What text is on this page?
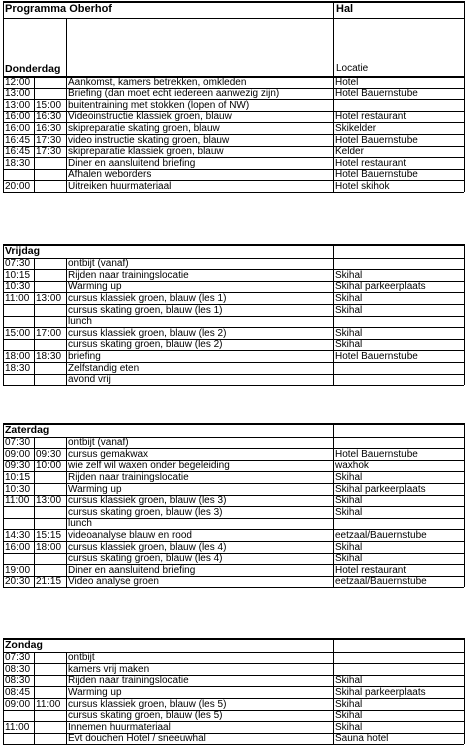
Programma Oberhof	Hal
Locatie
Donderdag
12:00	Aankomst, kamers betrekken, omkleden	Hotel
13:00	Briefing (dan moet echt iedereen aanwezig zijn)	Hotel Bauernstube
13:00 15:00 buitentraining met stokken (lopen of NW)
16:00 16:30 Videoinstructie klassiek groen, blauw	Hotel restaurant
16:00 16:30 skipreparatie skating groen, blauw	Skikelder
16:45 17:30 video instructie skating groen, blauw	Hotel Bauernstube
16:45 17:30 skipreparatie klassiek groen, blauw	Kelder
18:30	Diner en aansluitend briefing	Hotel restaurant
Afhalen weborders	Hotel Bauernstube
20:00	Uitreiken huurmateriaal	Hotel skihok
Vrijdag
07:30	ontbijt (vanaf)
10:15	Rijden naar trainingslocatie	Skihal
10:30	Warming up	Skihal parkeerplaats
11:00 13:00 cursus klassiek groen, blauw (les 1)	Skihal
cursus skating groen, blauw (les 1)	Skihal
lunch
15:00 17:00 cursus klassiek groen, blauw (les 2)	Skihal
cursus skating groen, blauw (les 2)	Skihal
18:00 18:30 briefing	Hotel Bauernstube
18:30	Zelfstandig eten
avond vrij
Zaterdag
07:30	ontbijt (vanaf)
09:00 09:30 cursus gemakwax	Hotel Bauernstube
09:30 10:00 wie zelf wil waxen onder begeleiding	waxhok
10:15	Rijden naar trainingslocatie	Skihal
10:30	Warming up	Skihal parkeerplaats
11:00 13:00 cursus klassiek groen, blauw (les 3)	Skihal
cursus skating groen, blauw (les 3)	Skihal
lunch
14:30 15:15 videoanalyse blauw en rood	eetzaal/Bauernstube
16:00 18:00 cursus klassiek groen, blauw (les 4)	Skihal
cursus skating groen, blauw (les 4)	Skihal
19:00	Diner en aansluitend briefing	Hotel restaurant
20:30 21:15 Video analyse groen	eetzaal/Bauernstube
Zondag
07:30	ontbijt
08:30	kamers vrij maken
08:30	Rijden naar trainingslocatie	Skihal
08:45	Warming up	Skihal parkeerplaats
09:00 11:00 cursus klassiek groen, blauw (les 5)	Skihal
cursus skating groen, blauw (les 5)	Skihal
11:00	Innemen huurmateriaal	Skihal
Evt douchen Hotel / sneeuwhal	Sauna hotel
